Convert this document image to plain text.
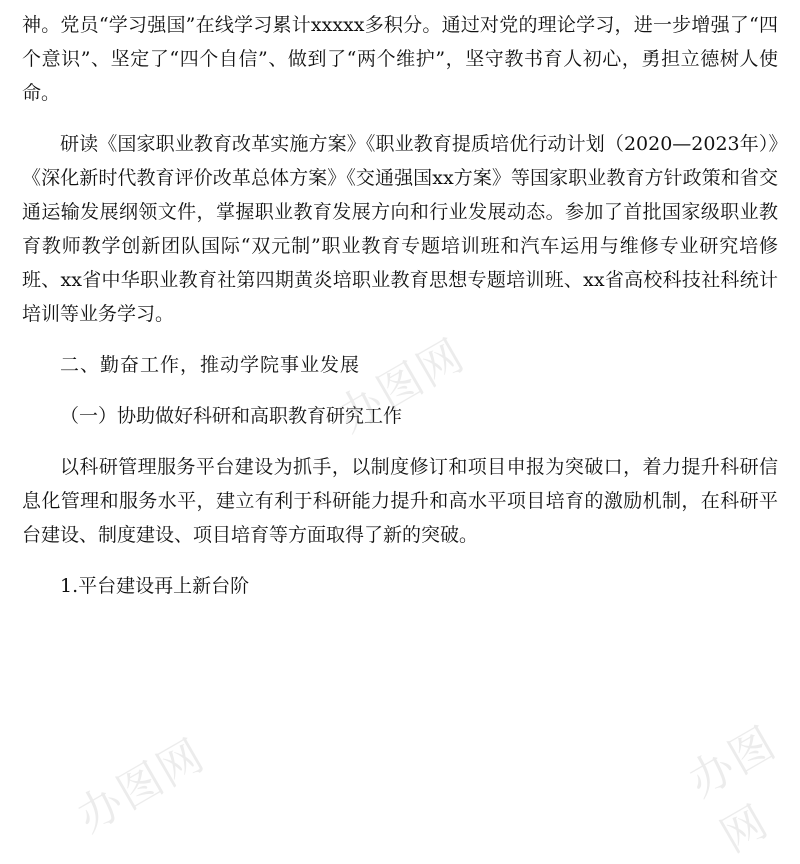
神。党员“学习强国”在线学习累计xxxxx多积分。通过对党的理论学习，进一步增强了“四个意识”、坚定了“四个自信”、做到了“两个维护”，坚守教书育人初心，勇担立德树人使命。

研读《国家职业教育改革实施方案》《职业教育提质培优行动计划（2020—2023年）》《深化新时代教育评价改革总体方案》《交通强国xx方案》等国家职业教育方针政策和省交通运输发展纲领文件，掌握职业教育发展方向和行业发展动态。参加了首批国家级职业教育教师教学创新团队国际“双元制”职业教育专题培训班和汽车运用与维修专业研究培修班、xx省中华职业教育社第四期黄炎培职业教育思想专题培训班、xx省高校科技社科统计培训等业务学习。

二、勤奋工作，推动学院事业发展

（一）协助做好科研和高职教育研究工作

以科研管理服务平台建设为抓手，以制度修订和项目申报为突破口，着力提升科研信息化管理和服务水平，建立有利于科研能力提升和高水平项目培育的激励机制，在科研平台建设、制度建设、项目培育等方面取得了新的突破。

1.平台建设再上新台阶

办图网
办图网
办图网
